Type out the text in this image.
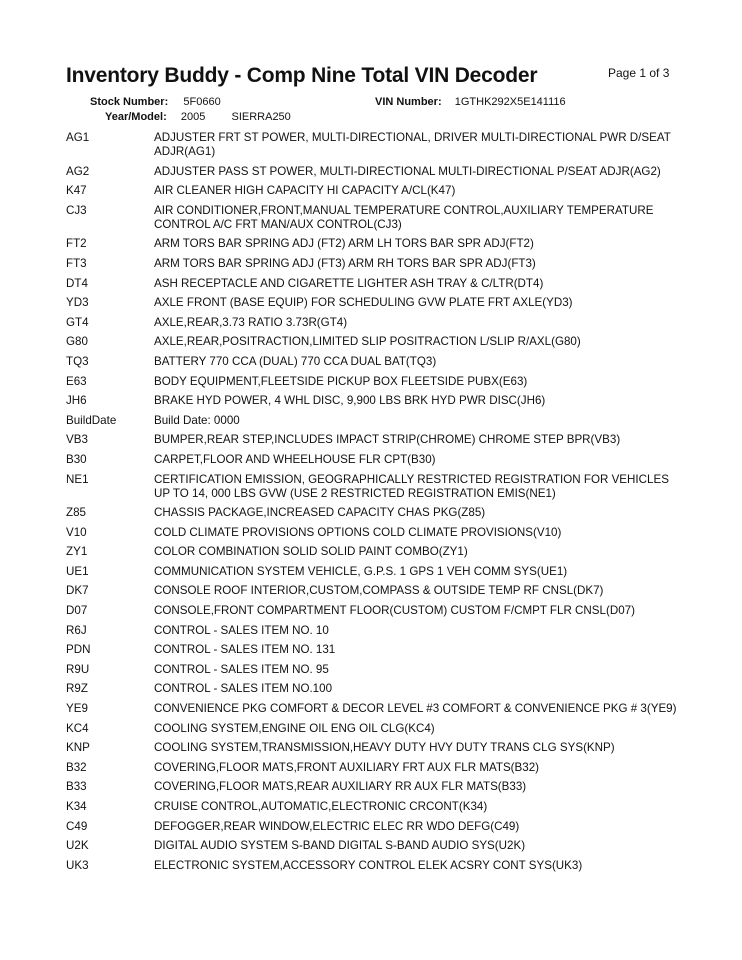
Inventory Buddy - Comp Nine Total VIN Decoder	Page 1 of 3
Stock Number: 5F0660	VIN Number: 1GTHK292X5E141116
Year/Model: 2005 SIERRA250
AG1	ADJUSTER FRT ST POWER, MULTI-DIRECTIONAL, DRIVER MULTI-DIRECTIONAL PWR D/SEAT ADJR(AG1)
AG2	ADJUSTER PASS ST POWER, MULTI-DIRECTIONAL MULTI-DIRECTIONAL P/SEAT ADJR(AG2)
K47	AIR CLEANER HIGH CAPACITY HI CAPACITY A/CL(K47)
CJ3	AIR CONDITIONER,FRONT,MANUAL TEMPERATURE CONTROL,AUXILIARY TEMPERATURE CONTROL A/C FRT MAN/AUX CONTROL(CJ3)
FT2	ARM TORS BAR SPRING ADJ (FT2) ARM LH TORS BAR SPR ADJ(FT2)
FT3	ARM TORS BAR SPRING ADJ (FT3) ARM RH TORS BAR SPR ADJ(FT3)
DT4	ASH RECEPTACLE AND CIGARETTE LIGHTER ASH TRAY & C/LTR(DT4)
YD3	AXLE FRONT (BASE EQUIP) FOR SCHEDULING GVW PLATE FRT AXLE(YD3)
GT4	AXLE,REAR,3.73 RATIO 3.73R(GT4)
G80	AXLE,REAR,POSITRACTION,LIMITED SLIP POSITRACTION L/SLIP R/AXL(G80)
TQ3	BATTERY 770 CCA (DUAL) 770 CCA DUAL BAT(TQ3)
E63	BODY EQUIPMENT,FLEETSIDE PICKUP BOX FLEETSIDE PUBX(E63)
JH6	BRAKE HYD POWER, 4 WHL DISC, 9,900 LBS BRK HYD PWR DISC(JH6)
BuildDate	Build Date: 0000
VB3	BUMPER,REAR STEP,INCLUDES IMPACT STRIP(CHROME) CHROME STEP BPR(VB3)
B30	CARPET,FLOOR AND WHEELHOUSE FLR CPT(B30)
NE1	CERTIFICATION EMISSION, GEOGRAPHICALLY RESTRICTED REGISTRATION FOR VEHICLES UP TO 14, 000 LBS GVW (USE 2 RESTRICTED REGISTRATION EMIS(NE1)
Z85	CHASSIS PACKAGE,INCREASED CAPACITY CHAS PKG(Z85)
V10	COLD CLIMATE PROVISIONS OPTIONS COLD CLIMATE PROVISIONS(V10)
ZY1	COLOR COMBINATION SOLID SOLID PAINT COMBO(ZY1)
UE1	COMMUNICATION SYSTEM VEHICLE, G.P.S. 1 GPS 1 VEH COMM SYS(UE1)
DK7	CONSOLE ROOF INTERIOR,CUSTOM,COMPASS & OUTSIDE TEMP RF CNSL(DK7)
D07	CONSOLE,FRONT COMPARTMENT FLOOR(CUSTOM) CUSTOM F/CMPT FLR CNSL(D07)
R6J	CONTROL - SALES ITEM NO. 10
PDN	CONTROL - SALES ITEM NO. 131
R9U	CONTROL - SALES ITEM NO. 95
R9Z	CONTROL - SALES ITEM NO.100
YE9	CONVENIENCE PKG COMFORT & DECOR LEVEL #3 COMFORT & CONVENIENCE PKG # 3(YE9)
KC4	COOLING SYSTEM,ENGINE OIL ENG OIL CLG(KC4)
KNP	COOLING SYSTEM,TRANSMISSION,HEAVY DUTY HVY DUTY TRANS CLG SYS(KNP)
B32	COVERING,FLOOR MATS,FRONT AUXILIARY FRT AUX FLR MATS(B32)
B33	COVERING,FLOOR MATS,REAR AUXILIARY RR AUX FLR MATS(B33)
K34	CRUISE CONTROL,AUTOMATIC,ELECTRONIC CRCONT(K34)
C49	DEFOGGER,REAR WINDOW,ELECTRIC ELEC RR WDO DEFG(C49)
U2K	DIGITAL AUDIO SYSTEM S-BAND DIGITAL S-BAND AUDIO SYS(U2K)
UK3	ELECTRONIC SYSTEM,ACCESSORY CONTROL ELEK ACSRY CONT SYS(UK3)
